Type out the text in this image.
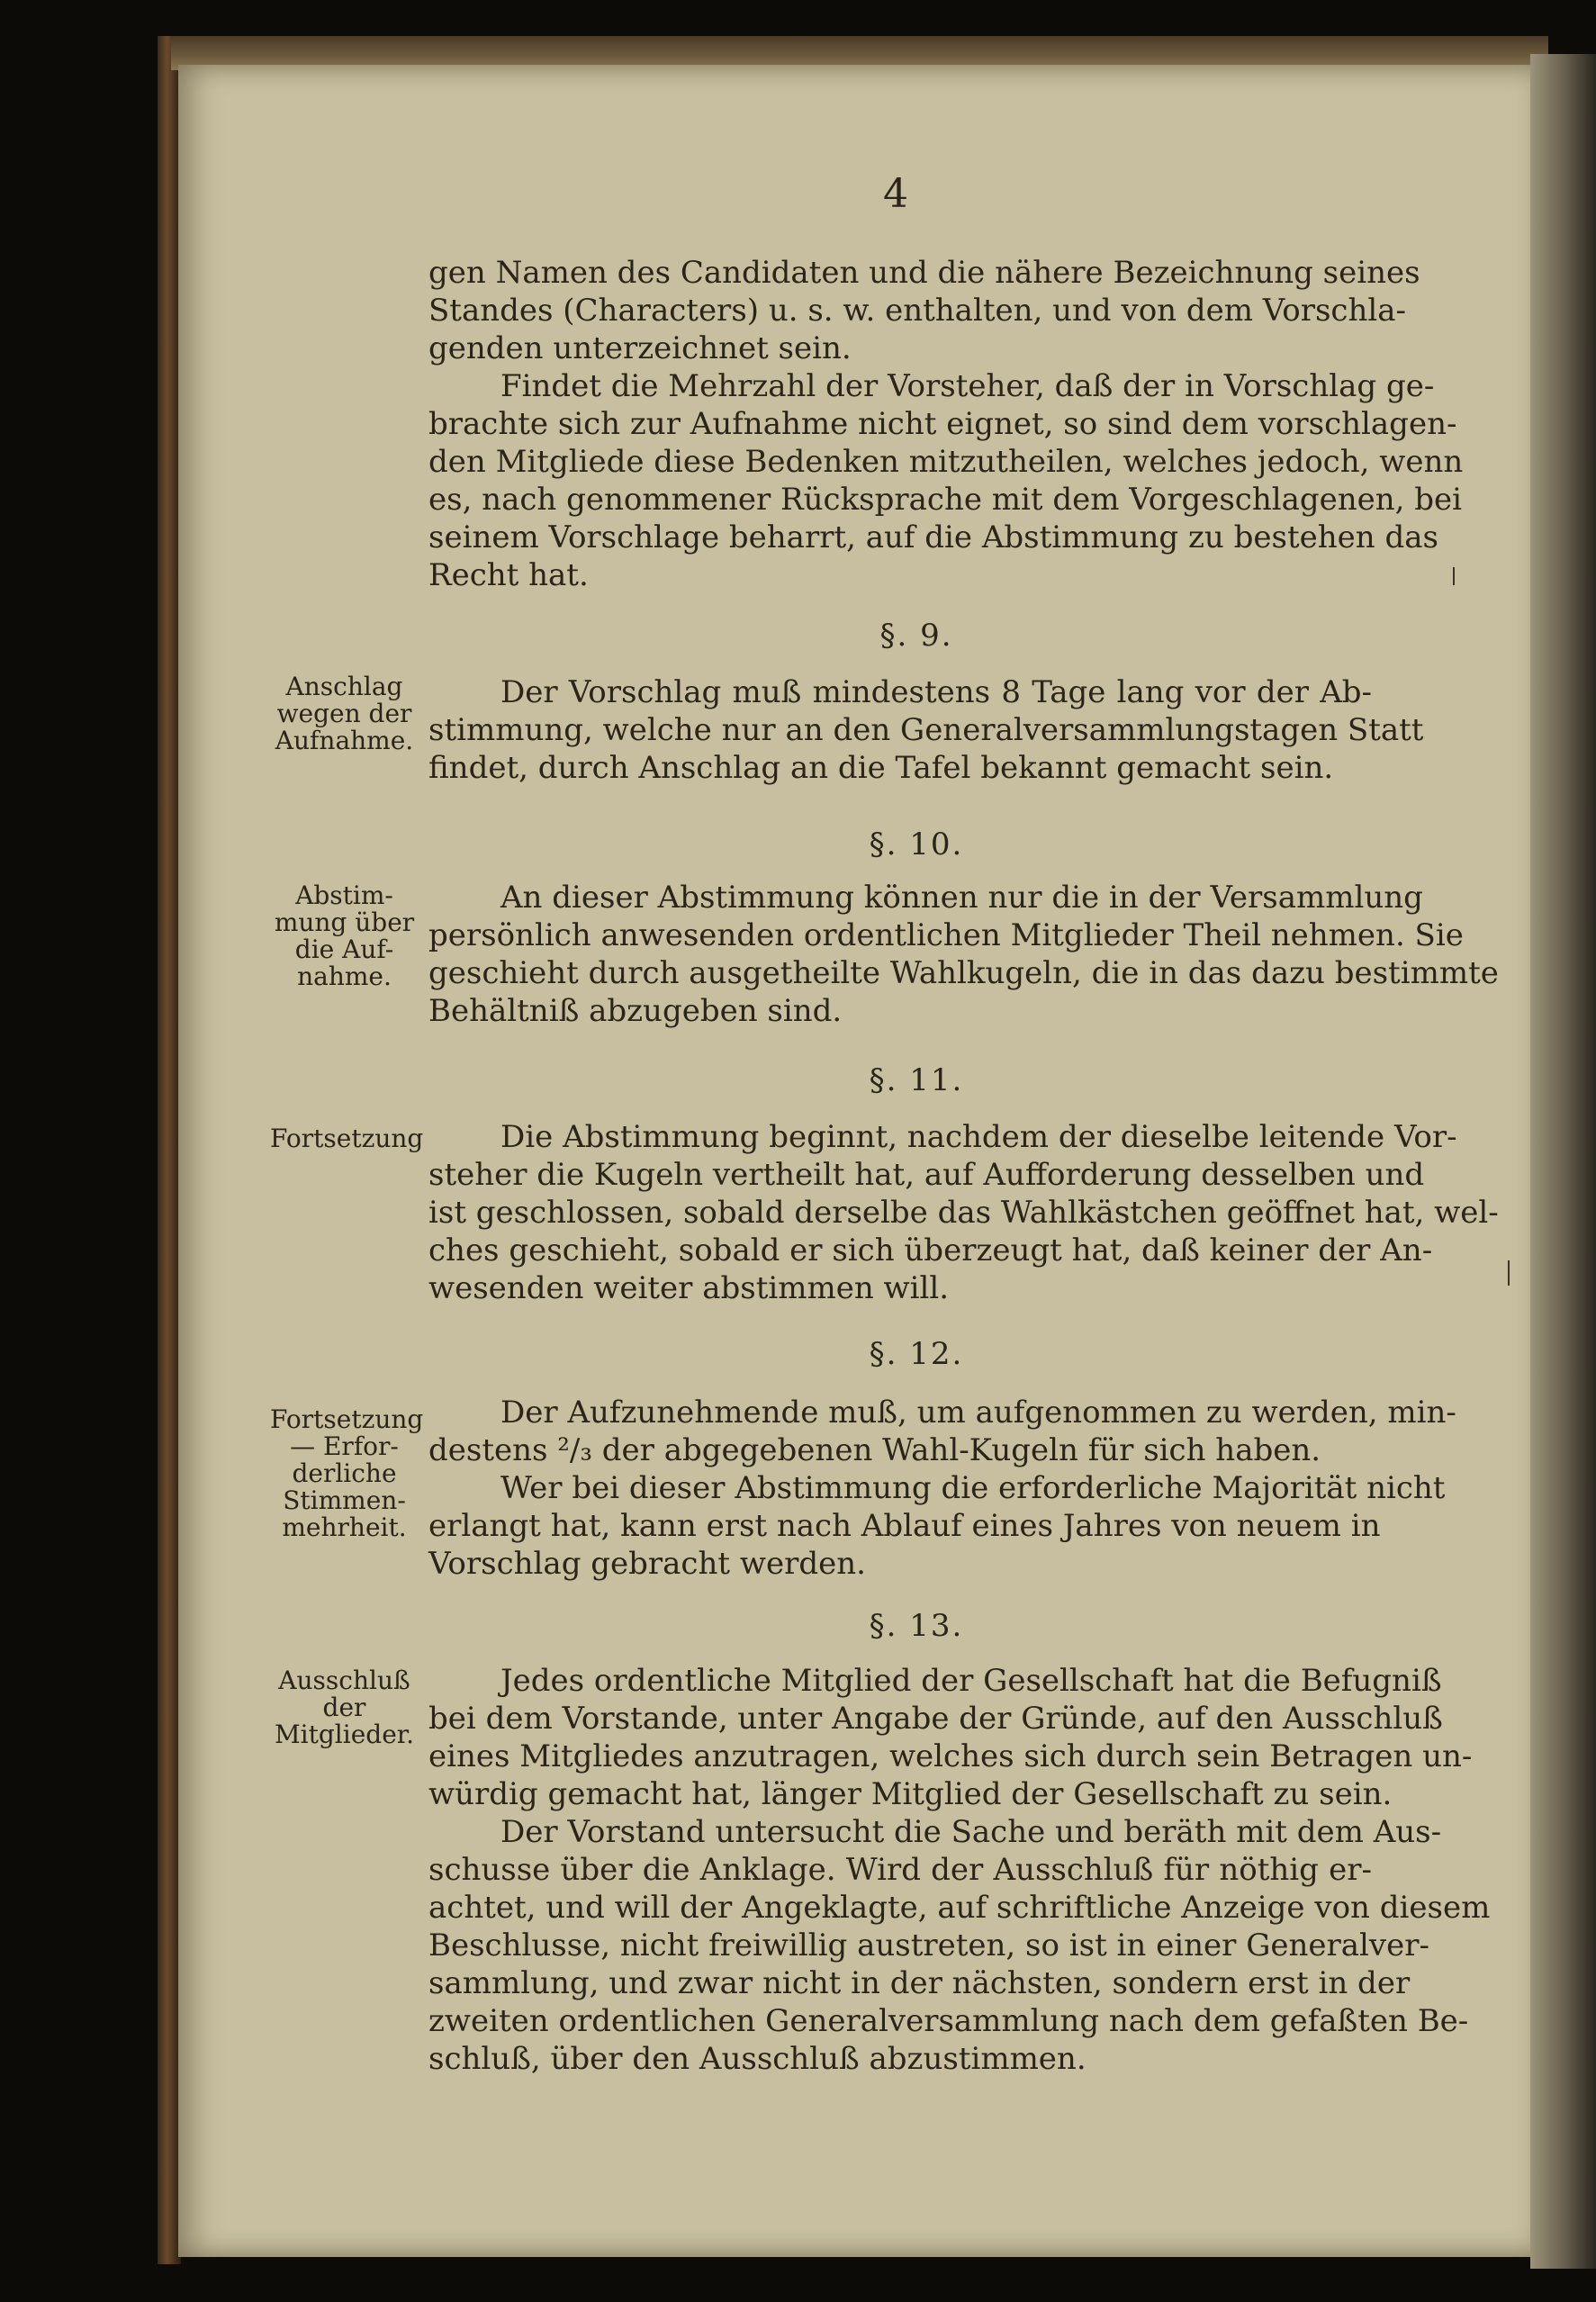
4
§. 9.
§. 10.
§. 11.
§. 12.
§. 13.
gen Namen des Candidaten und die nähere Bezeichnung seines
Standes (Characters) u. s. w. enthalten, und von dem Vorschla-
genden unterzeichnet sein.
Findet die Mehrzahl der Vorsteher, daß der in Vorschlag ge-
brachte sich zur Aufnahme nicht eignet, so sind dem vorschlagen-
den Mitgliede diese Bedenken mitzutheilen, welches jedoch, wenn
es, nach genommener Rücksprache mit dem Vorgeschlagenen, bei
seinem Vorschlage beharrt, auf die Abstimmung zu bestehen das
Recht hat.
Der Vorschlag muß mindestens 8 Tage lang vor der Ab-
stimmung, welche nur an den Generalversammlungstagen Statt
findet, durch Anschlag an die Tafel bekannt gemacht sein.
An dieser Abstimmung können nur die in der Versammlung
persönlich anwesenden ordentlichen Mitglieder Theil nehmen. Sie
geschieht durch ausgetheilte Wahlkugeln, die in das dazu bestimmte
Behältniß abzugeben sind.
Die Abstimmung beginnt, nachdem der dieselbe leitende Vor-
steher die Kugeln vertheilt hat, auf Aufforderung desselben und
ist geschlossen, sobald derselbe das Wahlkästchen geöffnet hat, wel-
ches geschieht, sobald er sich überzeugt hat, daß keiner der An-
wesenden weiter abstimmen will.
Der Aufzunehmende muß, um aufgenommen zu werden, min-
destens ²/₃ der abgegebenen Wahl-Kugeln für sich haben.
Wer bei dieser Abstimmung die erforderliche Majorität nicht
erlangt hat, kann erst nach Ablauf eines Jahres von neuem in
Vorschlag gebracht werden.
Jedes ordentliche Mitglied der Gesellschaft hat die Befugniß
bei dem Vorstande, unter Angabe der Gründe, auf den Ausschluß
eines Mitgliedes anzutragen, welches sich durch sein Betragen un-
würdig gemacht hat, länger Mitglied der Gesellschaft zu sein.
Der Vorstand untersucht die Sache und beräth mit dem Aus-
schusse über die Anklage. Wird der Ausschluß für nöthig er-
achtet, und will der Angeklagte, auf schriftliche Anzeige von diesem
Beschlusse, nicht freiwillig austreten, so ist in einer Generalver-
sammlung, und zwar nicht in der nächsten, sondern erst in der
zweiten ordentlichen Generalversammlung nach dem gefaßten Be-
schluß, über den Ausschluß abzustimmen.
Anschlag wegen der Aufnahme.
Abstim-mung über die Auf-nahme.
Fortsetzung
Fortsetzung — Erfor-derliche Stimmen-mehrheit.
Ausschluß der Mitglieder.
